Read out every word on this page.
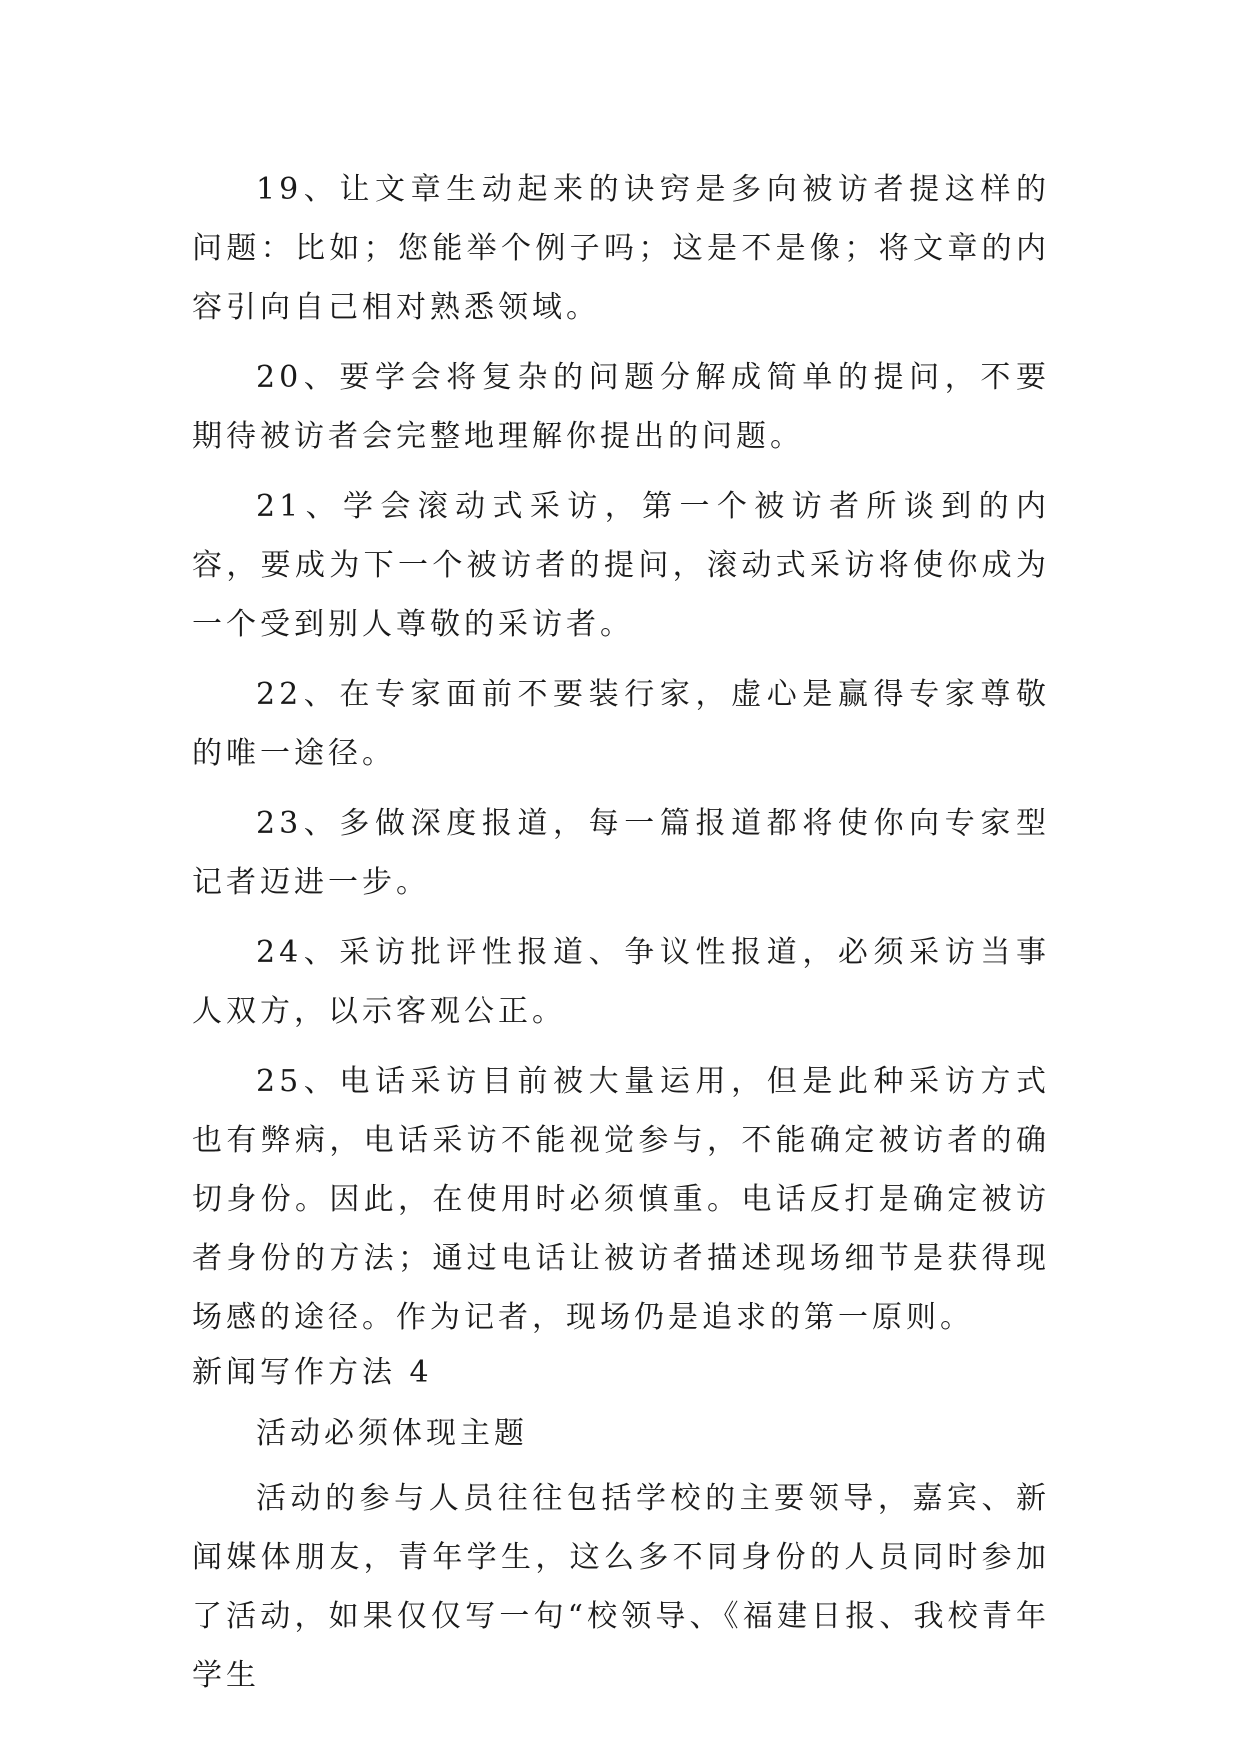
19、让文章生动起来的诀窍是多向被访者提这样的问题：比如；您能举个例子吗；这是不是像；将文章的内容引向自己相对熟悉领域。

20、要学会将复杂的问题分解成简单的提问，不要期待被访者会完整地理解你提出的问题。

21、学会滚动式采访，第一个被访者所谈到的内容，要成为下一个被访者的提问，滚动式采访将使你成为一个受到别人尊敬的采访者。

22、在专家面前不要装行家，虚心是赢得专家尊敬的唯一途径。

23、多做深度报道，每一篇报道都将使你向专家型记者迈进一步。

24、采访批评性报道、争议性报道，必须采访当事人双方，以示客观公正。

25、电话采访目前被大量运用，但是此种采访方式也有弊病，电话采访不能视觉参与，不能确定被访者的确切身份。因此，在使用时必须慎重。电话反打是确定被访者身份的方法；通过电话让被访者描述现场细节是获得现场感的途径。作为记者，现场仍是追求的第一原则。

新闻写作方法 4

活动必须体现主题

活动的参与人员往往包括学校的主要领导，嘉宾、新闻媒体朋友，青年学生，这么多不同身份的人员同时参加了活动，如果仅仅写一句“校领导、《福建日报、我校青年学生
